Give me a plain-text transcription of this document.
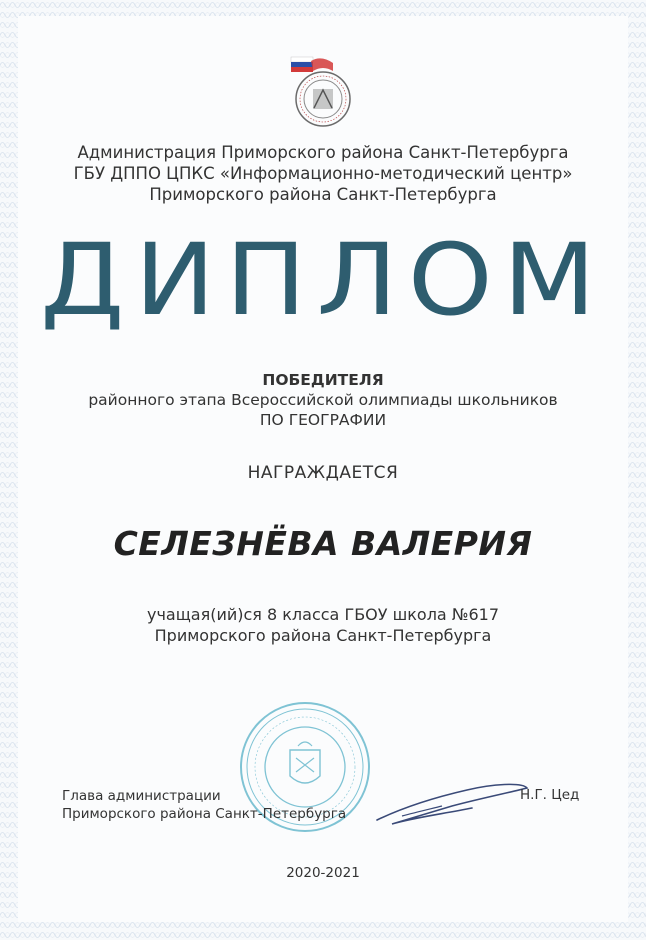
Администрация Приморского района Санкт-Петербурга
ГБУ ДППО ЦПКС «Информационно-методический центр»
Приморского района Санкт-Петербурга
ДИПЛОМ
ПОБЕДИТЕЛЯ
районного этапа Всероссийской олимпиады школьников
ПО ГЕОГРАФИИ
НАГРАЖДАЕТСЯ
СЕЛЕЗНЁВА ВАЛЕРИЯ
учащая(ий)ся 8 класса ГБОУ школа №617
Приморского района Санкт-Петербурга
Глава администрации
Приморского района Санкт-Петербурга
Н.Г. Цед
2020-2021
